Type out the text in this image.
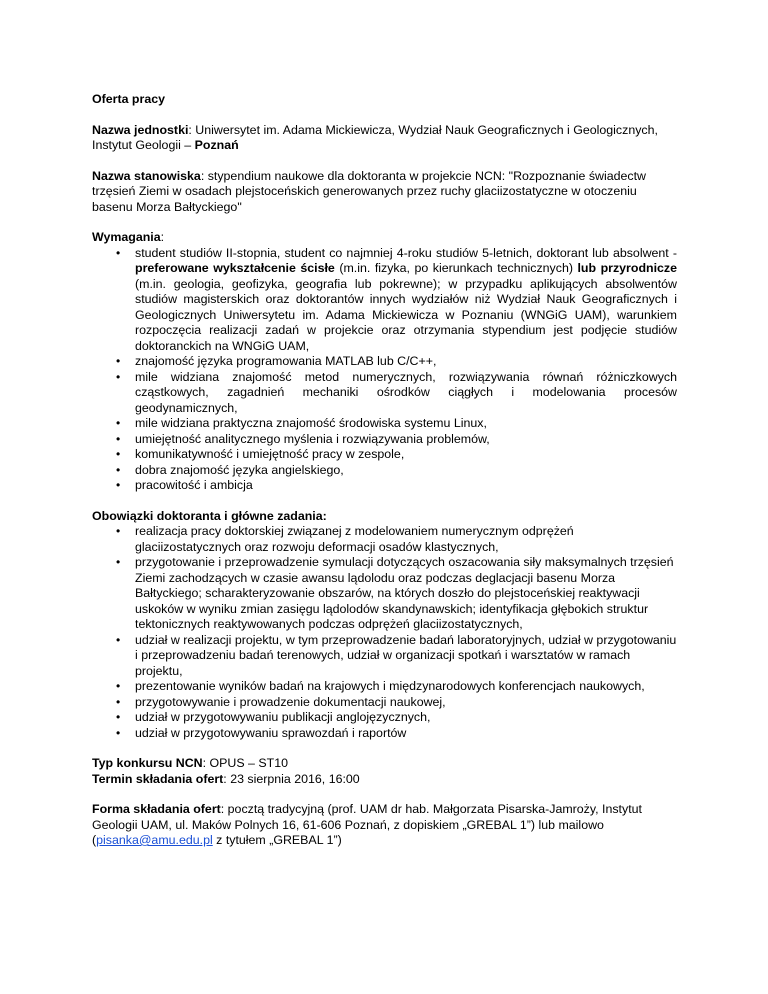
Oferta pracy

Nazwa jednostki: Uniwersytet im. Adama Mickiewicza, Wydział Nauk Geograficznych i Geologicznych, Instytut Geologii – Poznań

Nazwa stanowiska: stypendium naukowe dla doktoranta w projekcie NCN: "Rozpoznanie świadectw trzęsień Ziemi w osadach plejstoceńskich generowanych przez ruchy glaciizostatyczne w otoczeniu basenu Morza Bałtyckiego"

Wymagania:

• student studiów II-stopnia, student co najmniej 4-roku studiów 5-letnich, doktorant lub absolwent - preferowane wykształcenie ścisłe (m.in. fizyka, po kierunkach technicznych) lub przyrodnicze (m.in. geologia, geofizyka, geografia lub pokrewne); w przypadku aplikujących absolwentów studiów magisterskich oraz doktorantów innych wydziałów niż Wydział Nauk Geograficznych i Geologicznych Uniwersytetu im. Adama Mickiewicza w Poznaniu (WNGiG UAM), warunkiem rozpoczęcia realizacji zadań w projekcie oraz otrzymania stypendium jest podjęcie studiów doktoranckich na WNGiG UAM,
• znajomość języka programowania MATLAB lub C/C++,
• mile widziana znajomość metod numerycznych, rozwiązywania równań różniczkowych cząstkowych, zagadnień mechaniki ośrodków ciągłych i modelowania procesów geodynamicznych,
• mile widziana praktyczna znajomość środowiska systemu Linux,
• umiejętność analitycznego myślenia i rozwiązywania problemów,
• komunikatywność i umiejętność pracy w zespole,
• dobra znajomość języka angielskiego,
• pracowitość i ambicja

Obowiązki doktoranta i główne zadania:

• realizacja pracy doktorskiej związanej z modelowaniem numerycznym odprężeń glaciizostatycznych oraz rozwoju deformacji osadów klastycznych,
• przygotowanie i przeprowadzenie symulacji dotyczących oszacowania siły maksymalnych trzęsień Ziemi zachodzących w czasie awansu lądolodu oraz podczas deglacjacji basenu Morza Bałtyckiego; scharakteryzowanie obszarów, na których doszło do plejstoceńskiej reaktywacji uskoków w wyniku zmian zasięgu lądolodów skandynawskich; identyfikacja głębokich struktur tektonicznych reaktywowanych podczas odprężeń glaciizostatycznych,
• udział w realizacji projektu, w tym przeprowadzenie badań laboratoryjnych, udział w przygotowaniu i przeprowadzeniu badań terenowych, udział w organizacji spotkań i warsztatów w ramach projektu,
• prezentowanie wyników badań na krajowych i międzynarodowych konferencjach naukowych,
• przygotowywanie i prowadzenie dokumentacji naukowej,
• udział w przygotowywaniu publikacji anglojęzycznych,
• udział w przygotowywaniu sprawozdań i raportów

Typ konkursu NCN: OPUS – ST10

Termin składania ofert: 23 sierpnia 2016, 16:00

Forma składania ofert: pocztą tradycyjną (prof. UAM dr hab. Małgorzata Pisarska-Jamroży, Instytut Geologii UAM, ul. Maków Polnych 16, 61-606 Poznań, z dopiskiem „GREBAL 1”) lub mailowo (pisanka@amu.edu.pl z tytułem „GREBAL 1”)
